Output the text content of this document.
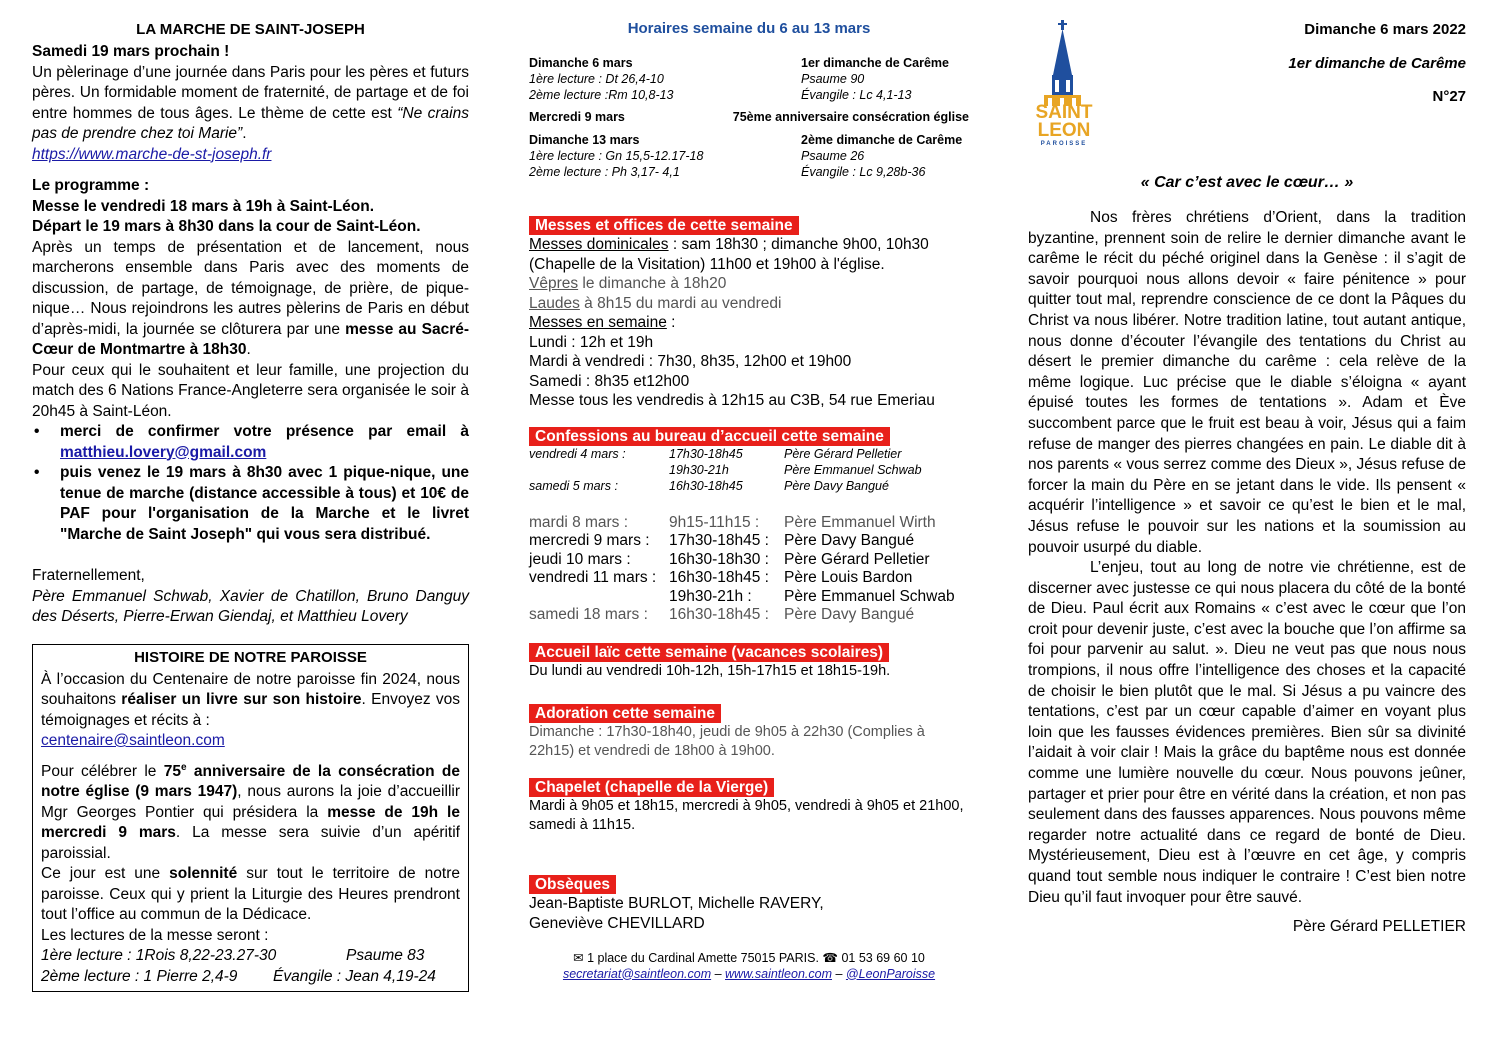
LA MARCHE DE SAINT-JOSEPH

Samedi 19 mars prochain !

Un pèlerinage d’une journée dans Paris pour les pères et futurs pères. Un formidable moment de fraternité, de partage et de foi entre hommes de tous âges. Le thème de cette est “Ne crains pas de prendre chez toi Marie”.
https://www.marche-de-st-joseph.fr

Le programme :

Messe le vendredi 18 mars à 19h à Saint-Léon.

Départ le 19 mars à 8h30 dans la cour de Saint-Léon.

Après un temps de présentation et de lancement, nous marcherons ensemble dans Paris avec des moments de discussion, de partage, de témoignage, de prière, de pique-nique… Nous rejoindrons les autres pèlerins de Paris en début d’après-midi, la journée se clôturera par une messe au Sacré-Cœur de Montmartre à 18h30.

Pour ceux qui le souhaitent et leur famille, une projection du match des 6 Nations France-Angleterre sera organisée le soir à 20h45 à Saint-Léon.

•	merci de confirmer votre présence par email à matthieu.lovery@gmail.com
•	puis venez le 19 mars à 8h30 avec 1 pique-nique, une tenue de marche (distance accessible à tous) et 10€ de PAF pour l'organisation de la Marche et le livret "Marche de Saint Joseph" qui vous sera distribué.

Fraternellement,

Père Emmanuel Schwab, Xavier de Chatillon, Bruno Danguy des Déserts, Pierre-Erwan Giendaj, et Matthieu Lovery

HISTOIRE DE NOTRE PAROISSE

À l’occasion du Centenaire de notre paroisse fin 2024, nous souhaitons réaliser un livre sur son histoire. Envoyez vos témoignages et récits à :
centenaire@saintleon.com

Pour célébrer le 75e anniversaire de la consécration de notre église (9 mars 1947), nous aurons la joie d’accueillir Mgr Georges Pontier qui présidera la messe de 19h le mercredi 9 mars. La messe sera suivie d’un apéritif paroissial.

Ce jour est une solennité sur tout le territoire de notre paroisse. Ceux qui y prient la Liturgie des Heures prendront tout l’office au commun de la Dédicace.

Les lectures de la messe seront :

1ère lecture : 1Rois 8,22-23.27-30	Psaume 83
2ème lecture : 1 Pierre 2,4-9	Évangile : Jean 4,19-24
Horaires semaine du 6 au 13 mars
Dimanche 6 mars	1er dimanche de Carême
1ère lecture : Dt 26,4-10	Psaume 90
2ème lecture :Rm 10,8-13	Évangile : Lc 4,1-13
Mercredi 9 mars	75ème anniversaire consécration église
Dimanche 13 mars	2ème dimanche de Carême
1ère lecture : Gn 15,5-12.17-18	Psaume 26
2ème lecture : Ph 3,17- 4,1	Évangile : Lc 9,28b-36
Messes et offices de cette semaine

Messes dominicales : sam 18h30 ; dimanche 9h00, 10h30 (Chapelle de la Visitation) 11h00 et 19h00 à l'église.

Vêpres le dimanche à 18h20

Laudes à 8h15 du mardi au vendredi

Messes en semaine :

Lundi : 12h et 19h

Mardi à vendredi : 7h30, 8h35, 12h00 et 19h00

Samedi : 8h35 et12h00

Messe tous les vendredis à 12h15 au C3B, 54 rue Emeriau

Confessions au bureau d’accueil cette semaine
vendredi 4 mars :	17h30-18h45	Père Gérard Pelletier
19h30-21h	Père Emmanuel Schwab
samedi 5 mars :	16h30-18h45	Père Davy Bangué
mardi 8 mars :	9h15-11h15 :	Père Emmanuel Wirth
mercredi 9 mars :	17h30-18h45 : Père Davy Bangué
jeudi 10 mars :	16h30-18h30 : Père Gérard Pelletier
vendredi 11 mars : 16h30-18h45 : Père Louis Bardon
19h30-21h :	Père Emmanuel Schwab
samedi 18 mars :	16h30-18h45 : Père Davy Bangué
Accueil laïc cette semaine (vacances scolaires)

Du lundi au vendredi 10h-12h, 15h-17h15 et 18h15-19h.

Adoration cette semaine

Dimanche : 17h30-18h40, jeudi de 9h05 à 22h30 (Complies à 22h15) et vendredi de 18h00 à 19h00.

Chapelet (chapelle de la Vierge)

Mardi à 9h05 et 18h15, mercredi à 9h05, vendredi à 9h05 et 21h00, samedi à 11h15.

Obsèques

Jean-Baptiste BURLOT, Michelle RAVERY, Geneviève CHEVILLARD

✉ 1 place du Cardinal Amette 75015 PARIS. ☎ 01 53 69 60 10
secretariat@saintleon.com – www.saintleon.com – @LeonParoisse
SAINT
LEON
PAROISSE
Dimanche 6 mars 2022
1er dimanche de Carême
N°27
« Car c’est avec le cœur… »

Nos frères chrétiens d’Orient, dans la tradition byzantine, prennent soin de relire le dernier dimanche avant le carême le récit du péché originel dans la Genèse : il s’agit de savoir pourquoi nous allons devoir « faire pénitence » pour quitter tout mal, reprendre conscience de ce dont la Pâques du Christ va nous libérer. Notre tradition latine, tout autant antique, nous donne d’écouter l’évangile des tentations du Christ au désert le premier dimanche du carême : cela relève de la même logique. Luc précise que le diable s’éloigna « ayant épuisé toutes les formes de tentations ». Adam et Ève succombent parce que le fruit est beau à voir, Jésus qui a faim refuse de manger des pierres changées en pain. Le diable dit à nos parents « vous serrez comme des Dieux », Jésus refuse de forcer la main du Père en se jetant dans le vide. Ils pensent « acquérir l’intelligence » et savoir ce qu’est le bien et le mal, Jésus refuse le pouvoir sur les nations et la soumission au pouvoir usurpé du diable.

L’enjeu, tout au long de notre vie chrétienne, est de discerner avec justesse ce qui nous placera du côté de la bonté de Dieu. Paul écrit aux Romains « c’est avec le cœur que l’on croit pour devenir juste, c’est avec la bouche que l’on affirme sa foi pour parvenir au salut. ». Dieu ne veut pas que nous nous trompions, il nous offre l’intelligence des choses et la capacité de choisir le bien plutôt que le mal. Si Jésus a pu vaincre des tentations, c’est par un cœur capable d’aimer en voyant plus loin que les fausses évidences premières. Bien sûr sa divinité l’aidait à voir clair ! Mais la grâce du baptême nous est donnée comme une lumière nouvelle du cœur. Nous pouvons jeûner, partager et prier pour être en vérité dans la création, et non pas seulement dans des fausses apparences. Nous pouvons même regarder notre actualité dans ce regard de bonté de Dieu. Mystérieusement, Dieu est à l’œuvre en cet âge, y compris quand tout semble nous indiquer le contraire ! C’est bien notre Dieu qu’il faut invoquer pour être sauvé.

Père Gérard PELLETIER
